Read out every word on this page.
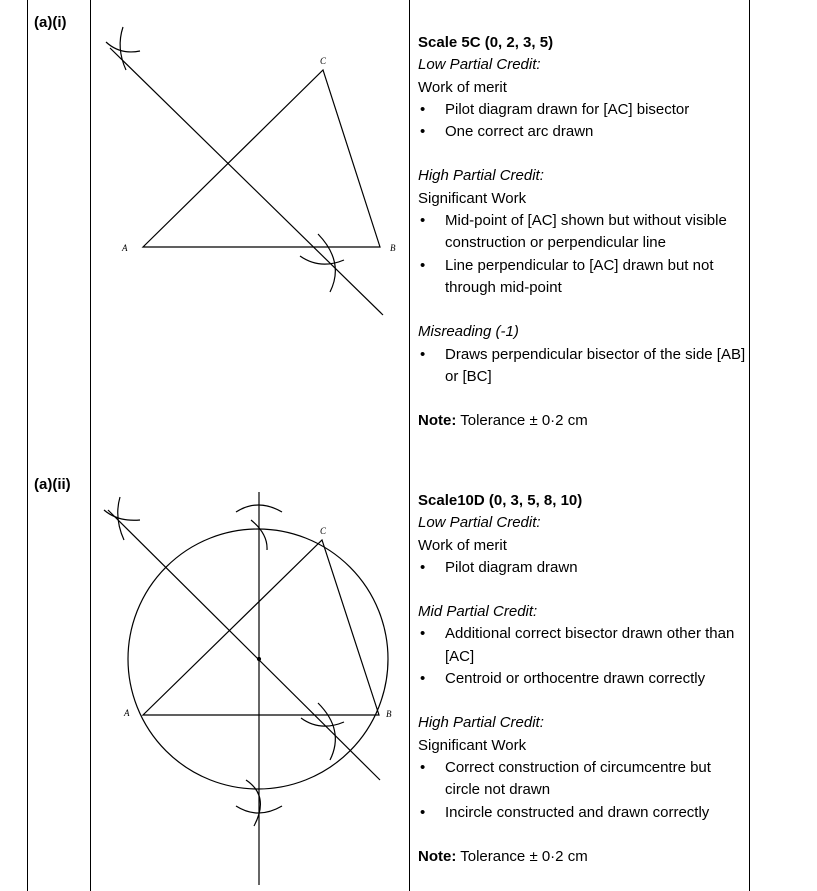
(a)(i)
(a)(ii)
A	B
C
A	B
C
Scale 5C (0, 2, 3, 5)
Low Partial Credit:
Work of merit
• Pilot diagram drawn for [AC] bisector
• One correct arc drawn
High Partial Credit:
Significant Work
• Mid-point of [AC] shown but without visible construction or perpendicular line
• Line perpendicular to [AC] drawn but not through mid-point
Misreading (-1)
• Draws perpendicular bisector of the side [AB] or [BC]
Note: Tolerance ± 0·2 cm
Scale10D (0, 3, 5, 8, 10)
Low Partial Credit:
Work of merit
• Pilot diagram drawn
Mid Partial Credit:
• Additional correct bisector drawn other than [AC]
• Centroid or orthocentre drawn correctly
High Partial Credit:
Significant Work
• Correct construction of circumcentre but circle not drawn
• Incircle constructed and drawn correctly
Note: Tolerance ± 0·2 cm
